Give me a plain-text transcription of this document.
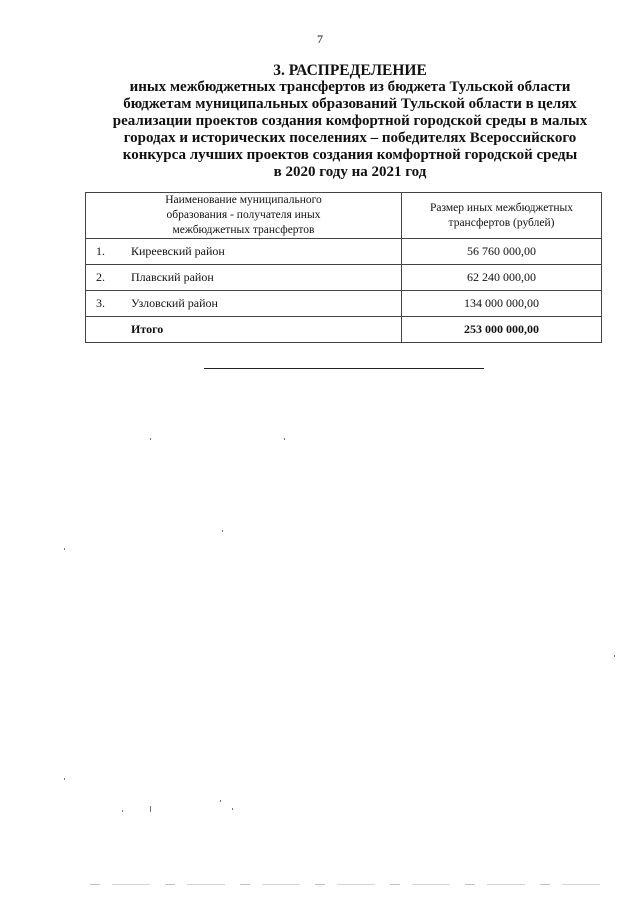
7
3. РАСПРЕДЕЛЕНИЕ
иных межбюджетных трансфертов из бюджета Тульской области
бюджетам муниципальных образований Тульской области в целях
реализации проектов создания комфортной городской среды в малых
городах и исторических поселениях – победителях Всероссийского
конкурса лучших проектов создания комфортной городской среды
в 2020 году на 2021 год
Наименование муниципального образования - получателя иных межбюджетных трансфертов		Размер иных межбюджетных трансфертов (рублей)

1.	Киреевский район	56 760 000,00
2.	Плавский район	62 240 000,00
3.	Узловский район	134 000 000,00
	Итого	253 000 000,00
